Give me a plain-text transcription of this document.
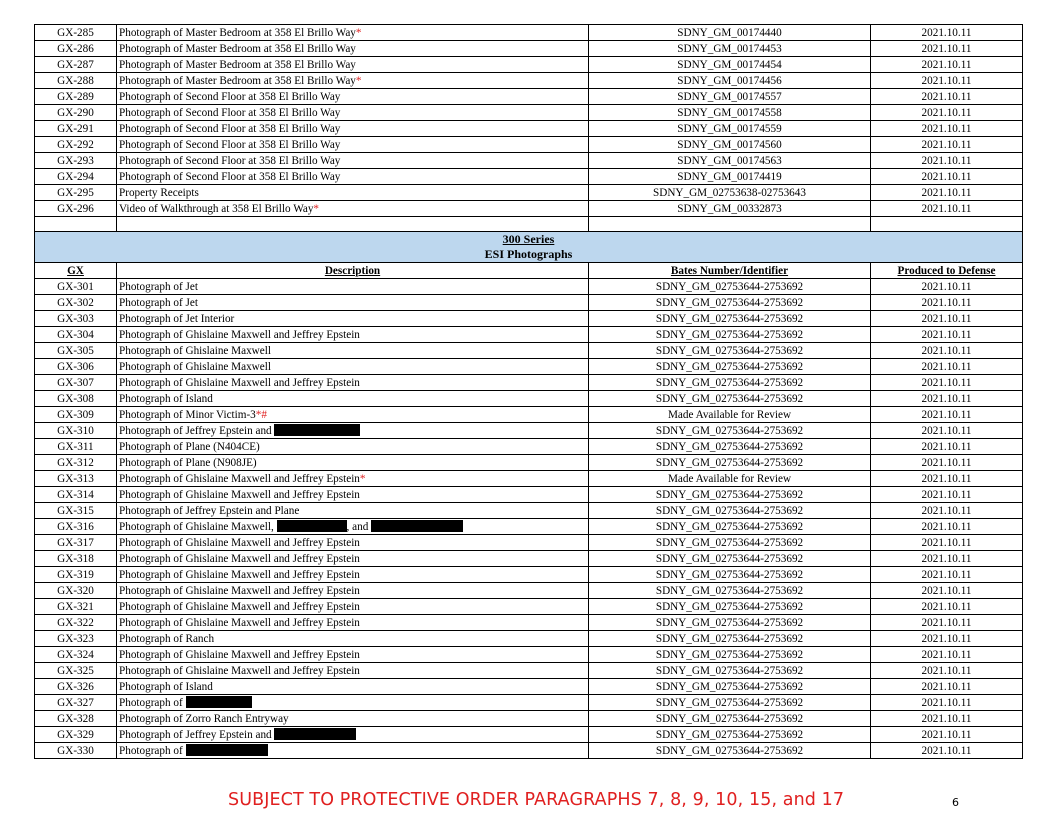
GX-285	Photograph of Master Bedroom at 358 El Brillo Way*	SDNY_GM_00174440	2021.10.11
GX-286	Photograph of Master Bedroom at 358 El Brillo Way	SDNY_GM_00174453	2021.10.11
GX-287	Photograph of Master Bedroom at 358 El Brillo Way	SDNY_GM_00174454	2021.10.11
GX-288	Photograph of Master Bedroom at 358 El Brillo Way*	SDNY_GM_00174456	2021.10.11
GX-289	Photograph of Second Floor at 358 El Brillo Way	SDNY_GM_00174557	2021.10.11
GX-290	Photograph of Second Floor at 358 El Brillo Way	SDNY_GM_00174558	2021.10.11
GX-291	Photograph of Second Floor at 358 El Brillo Way	SDNY_GM_00174559	2021.10.11
GX-292	Photograph of Second Floor at 358 El Brillo Way	SDNY_GM_00174560	2021.10.11
GX-293	Photograph of Second Floor at 358 El Brillo Way	SDNY_GM_00174563	2021.10.11
GX-294	Photograph of Second Floor at 358 El Brillo Way	SDNY_GM_00174419	2021.10.11
GX-295	Property Receipts	SDNY_GM_02753638-02753643	2021.10.11
GX-296	Video of Walkthrough at 358 El Brillo Way*	SDNY_GM_00332873	2021.10.11

300 Series
ESI Photographs			

GX	Description	Bates Number/Identifier	Produced to Defense
GX-301	Photograph of Jet	SDNY_GM_02753644-2753692	2021.10.11
GX-302	Photograph of Jet	SDNY_GM_02753644-2753692	2021.10.11
GX-303	Photograph of Jet Interior	SDNY_GM_02753644-2753692	2021.10.11
GX-304	Photograph of Ghislaine Maxwell and Jeffrey Epstein	SDNY_GM_02753644-2753692	2021.10.11
GX-305	Photograph of Ghislaine Maxwell	SDNY_GM_02753644-2753692	2021.10.11
GX-306	Photograph of Ghislaine Maxwell	SDNY_GM_02753644-2753692	2021.10.11
GX-307	Photograph of Ghislaine Maxwell and Jeffrey Epstein	SDNY_GM_02753644-2753692	2021.10.11
GX-308	Photograph of Island	SDNY_GM_02753644-2753692	2021.10.11
GX-309	Photograph of Minor Victim-3*#	Made Available for Review	2021.10.11
GX-310	Photograph of Jeffrey Epstein and	SDNY_GM_02753644-2753692	2021.10.11
GX-311	Photograph of Plane (N404CE)	SDNY_GM_02753644-2753692	2021.10.11
GX-312	Photograph of Plane (N908JE)	SDNY_GM_02753644-2753692	2021.10.11
GX-313	Photograph of Ghislaine Maxwell and Jeffrey Epstein*	Made Available for Review	2021.10.11
GX-314	Photograph of Ghislaine Maxwell and Jeffrey Epstein	SDNY_GM_02753644-2753692	2021.10.11
GX-315	Photograph of Jeffrey Epstein and Plane	SDNY_GM_02753644-2753692	2021.10.11
GX-316	Photograph of Ghislaine Maxwell, , and	SDNY_GM_02753644-2753692	2021.10.11
GX-317	Photograph of Ghislaine Maxwell and Jeffrey Epstein	SDNY_GM_02753644-2753692	2021.10.11
GX-318	Photograph of Ghislaine Maxwell and Jeffrey Epstein	SDNY_GM_02753644-2753692	2021.10.11
GX-319	Photograph of Ghislaine Maxwell and Jeffrey Epstein	SDNY_GM_02753644-2753692	2021.10.11
GX-320	Photograph of Ghislaine Maxwell and Jeffrey Epstein	SDNY_GM_02753644-2753692	2021.10.11
GX-321	Photograph of Ghislaine Maxwell and Jeffrey Epstein	SDNY_GM_02753644-2753692	2021.10.11
GX-322	Photograph of Ghislaine Maxwell and Jeffrey Epstein	SDNY_GM_02753644-2753692	2021.10.11
GX-323	Photograph of Ranch	SDNY_GM_02753644-2753692	2021.10.11
GX-324	Photograph of Ghislaine Maxwell and Jeffrey Epstein	SDNY_GM_02753644-2753692	2021.10.11
GX-325	Photograph of Ghislaine Maxwell and Jeffrey Epstein	SDNY_GM_02753644-2753692	2021.10.11
GX-326	Photograph of Island	SDNY_GM_02753644-2753692	2021.10.11
GX-327	Photograph of	SDNY_GM_02753644-2753692	2021.10.11
GX-328	Photograph of Zorro Ranch Entryway	SDNY_GM_02753644-2753692	2021.10.11
GX-329	Photograph of Jeffrey Epstein and	SDNY_GM_02753644-2753692	2021.10.11
GX-330	Photograph of	SDNY_GM_02753644-2753692	2021.10.11
SUBJECT TO PROTECTIVE ORDER PARAGRAPHS 7, 8, 9, 10, 15, and 17	6
